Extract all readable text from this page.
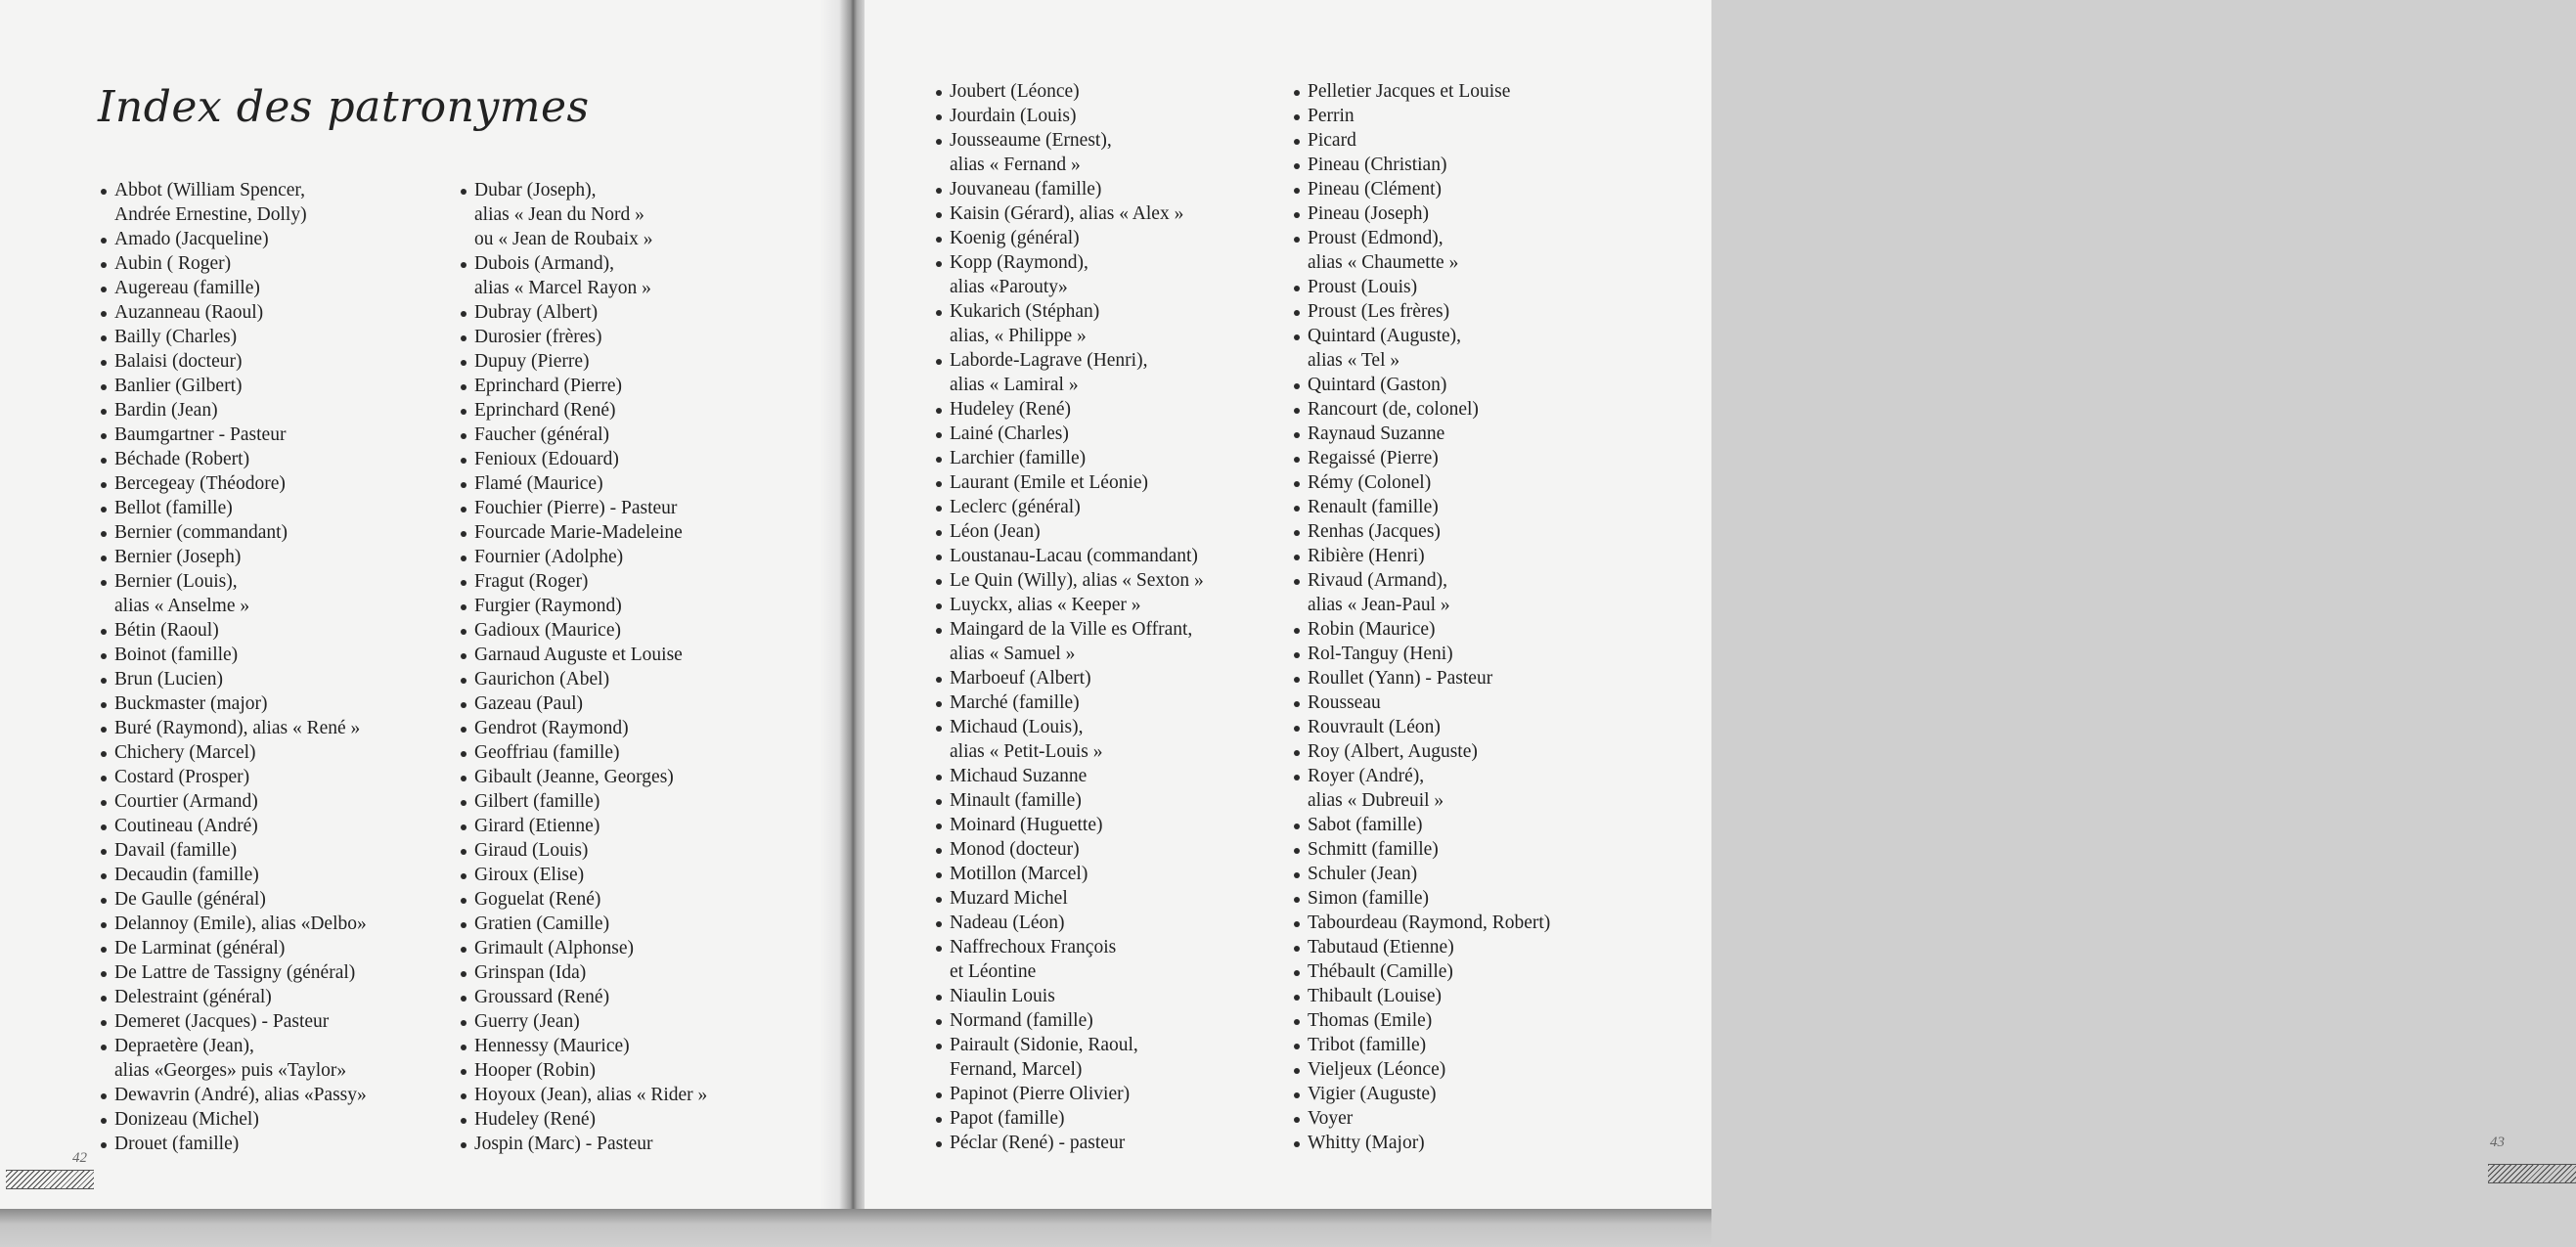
Index des patronymes
Abbot (William Spencer,
Andrée Ernestine, Dolly)
Amado (Jacqueline)
Aubin ( Roger)
Augereau (famille)
Auzanneau (Raoul)
Bailly (Charles)
Balaisi (docteur)
Banlier (Gilbert)
Bardin (Jean)
Baumgartner - Pasteur
Béchade (Robert)
Bercegeay (Théodore)
Bellot (famille)
Bernier (commandant)
Bernier (Joseph)
Bernier (Louis),
alias « Anselme »
Bétin (Raoul)
Boinot (famille)
Brun (Lucien)
Buckmaster (major)
Buré (Raymond), alias « René »
Chichery (Marcel)
Costard (Prosper)
Courtier (Armand)
Coutineau (André)
Davail (famille)
Decaudin (famille)
De Gaulle (général)
Delannoy (Emile), alias «Delbo»
De Larminat (général)
De Lattre de Tassigny (général)
Delestraint (général)
Demeret (Jacques) - Pasteur
Depraetère (Jean),
alias «Georges» puis «Taylor»
Dewavrin (André), alias «Passy»
Donizeau (Michel)
Drouet (famille)
Dubar (Joseph),
alias « Jean du Nord »
ou « Jean de Roubaix »
Dubois (Armand),
alias « Marcel Rayon »
Dubray (Albert)
Durosier (frères)
Dupuy (Pierre)
Eprinchard (Pierre)
Eprinchard (René)
Faucher (général)
Fenioux (Edouard)
Flamé (Maurice)
Fouchier (Pierre) - Pasteur
Fourcade Marie-Madeleine
Fournier (Adolphe)
Fragut (Roger)
Furgier (Raymond)
Gadioux (Maurice)
Garnaud Auguste et Louise
Gaurichon (Abel)
Gazeau (Paul)
Gendrot (Raymond)
Geoffriau (famille)
Gibault (Jeanne, Georges)
Gilbert (famille)
Girard (Etienne)
Giraud (Louis)
Giroux (Elise)
Goguelat (René)
Gratien (Camille)
Grimault (Alphonse)
Grinspan (Ida)
Groussard (René)
Guerry (Jean)
Hennessy (Maurice)
Hooper (Robin)
Hoyoux (Jean), alias « Rider »
Hudeley (René)
Jospin (Marc) - Pasteur
42
43
Joubert (Léonce)
Jourdain (Louis)
Jousseaume (Ernest),
alias « Fernand »
Jouvaneau (famille)
Kaisin (Gérard), alias « Alex »
Koenig (général)
Kopp (Raymond),
alias «Parouty»
Kukarich (Stéphan)
alias, « Philippe »
Laborde-Lagrave (Henri),
alias « Lamiral »
Hudeley (René)
Lainé (Charles)
Larchier (famille)
Laurant (Emile et Léonie)
Leclerc (général)
Léon (Jean)
Loustanau-Lacau (commandant)
Le Quin (Willy), alias « Sexton »
Luyckx, alias « Keeper »
Maingard de la Ville es Offrant,
alias « Samuel »
Marboeuf (Albert)
Marché (famille)
Michaud (Louis),
alias « Petit-Louis »
Michaud Suzanne
Minault (famille)
Moinard (Huguette)
Monod (docteur)
Motillon (Marcel)
Muzard Michel
Nadeau (Léon)
Naffrechoux François
et Léontine
Niaulin Louis
Normand (famille)
Pairault (Sidonie, Raoul,
Fernand, Marcel)
Papinot (Pierre Olivier)
Papot (famille)
Péclar (René) - pasteur
Pelletier Jacques et Louise
Perrin
Picard
Pineau (Christian)
Pineau (Clément)
Pineau (Joseph)
Proust (Edmond),
alias « Chaumette »
Proust (Louis)
Proust (Les frères)
Quintard (Auguste),
alias « Tel »
Quintard (Gaston)
Rancourt (de, colonel)
Raynaud Suzanne
Regaissé (Pierre)
Rémy (Colonel)
Renault (famille)
Renhas (Jacques)
Ribière (Henri)
Rivaud (Armand),
alias « Jean-Paul »
Robin (Maurice)
Rol-Tanguy (Heni)
Roullet (Yann) - Pasteur
Rousseau
Rouvrault (Léon)
Roy (Albert, Auguste)
Royer (André),
alias « Dubreuil »
Sabot (famille)
Schmitt (famille)
Schuler (Jean)
Simon (famille)
Tabourdeau (Raymond, Robert)
Tabutaud (Etienne)
Thébault (Camille)
Thibault (Louise)
Thomas (Emile)
Tribot (famille)
Vieljeux (Léonce)
Vigier (Auguste)
Voyer
Whitty (Major)
